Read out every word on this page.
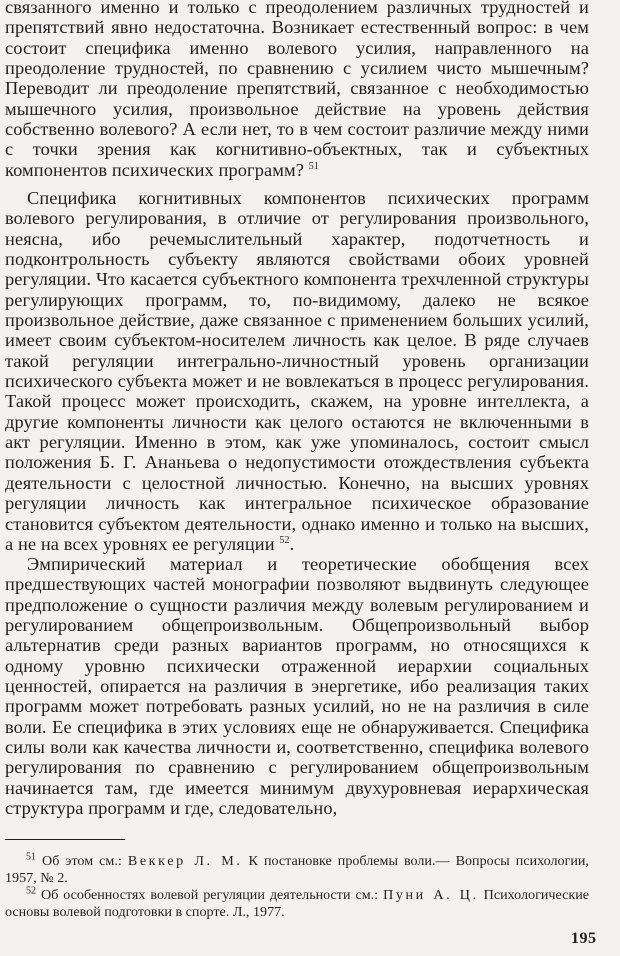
связанного именно и только с преодолением различных трудностей и препятствий явно недостаточна. Возникает естественный вопрос: в чем состоит специфика именно волевого усилия, направленного на преодоление трудностей, по сравнению с усилием чисто мышечным? Переводит ли преодоление препятствий, связанное с необходимостью мышечного усилия, произвольное действие на уровень действия собственно волевого? А если нет, то в чем состоит различие между ними с точки зрения как когнитивно-объектных, так и субъектных компонентов психических программ? $^{51}$

Специфика когнитивных компонентов психических программ волевого регулирования, в отличие от регулирования произвольного, неясна, ибо речемыслительный характер, подотчетность и подконтрольность субъекту являются свойствами обоих уровней регуляции. Что касается субъектного компонента трехчленной структуры регулирующих программ, то, по-видимому, далеко не всякое произвольное действие, даже связанное с применением больших усилий, имеет своим субъектом-носителем личность как целое. В ряде случаев такой регуляции интегрально-личностный уровень организации психического субъекта может и не вовлекаться в процесс регулирования. Такой процесс может происходить, скажем, на уровне интеллекта, а другие компоненты личности как целого остаются не включенными в акт регуляции. Именно в этом, как уже упоминалось, состоит смысл положения Б. Г. Ананьева о недопустимости отождествления субъекта деятельности с целостной личностью. Конечно, на высших уровнях регуляции личность как интегральное психическое образование становится субъектом деятельности, однако именно и только на высших, а не на всех уровнях ее регуляции $^{52}$.

Эмпирический материал и теоретические обобщения всех предшествующих частей монографии позволяют выдвинуть следующее предположение о сущности различия между волевым регулированием и регулированием общепроизвольным. Общепроизвольный выбор альтернатив среди разных вариантов программ, но относящихся к одному уровню психически отраженной иерархии социальных ценностей, опирается на различия в энергетике, ибо реализация таких программ может потребовать разных усилий, но не на различия в силе воли. Ее специфика в этих условиях еще не обнаруживается. Специфика силы воли как качества личности и, соответственно, специфика волевого регулирования по сравнению с регулированием общепроизвольным начинается там, где имеется минимум двухуровневая иерархическая структура программ и где, следовательно,

$^{51}$ Об этом см.: Веккер Л. М. К постановке проблемы воли.— Вопросы психологии, 1957, № 2.

$^{52}$ Об особенностях волевой регуляции деятельности см.: Пуни А. Ц. Психологические основы волевой подготовки в спорте. Л., 1977.

195
